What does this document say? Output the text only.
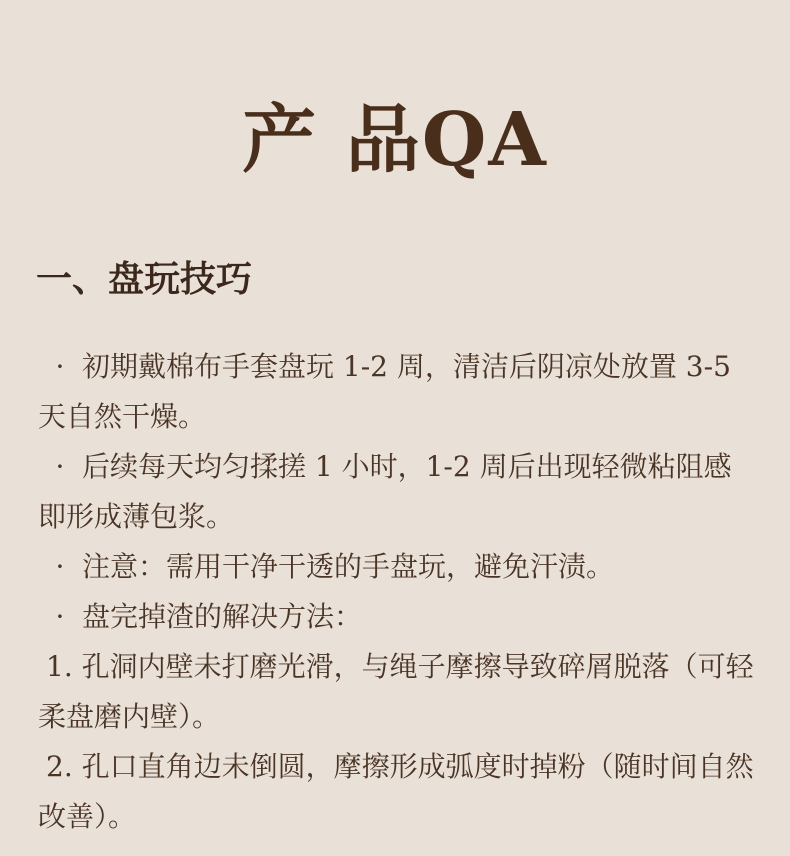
产 品QA
一、盘玩技巧

· 初期戴棉布手套盘玩 1-2 周，清洁后阴凉处放置 3-5 天自然干燥。

· 后续每天均匀揉搓 1 小时，1-2 周后出现轻微粘阻感即形成薄包浆。

· 注意：需用干净干透的手盘玩，避免汗渍。

· 盘完掉渣的解决方法：

1. 孔洞内壁未打磨光滑，与绳子摩擦导致碎屑脱落（可轻柔盘磨内壁）。

2. 孔口直角边未倒圆，摩擦形成弧度时掉粉（随时间自然改善）。
